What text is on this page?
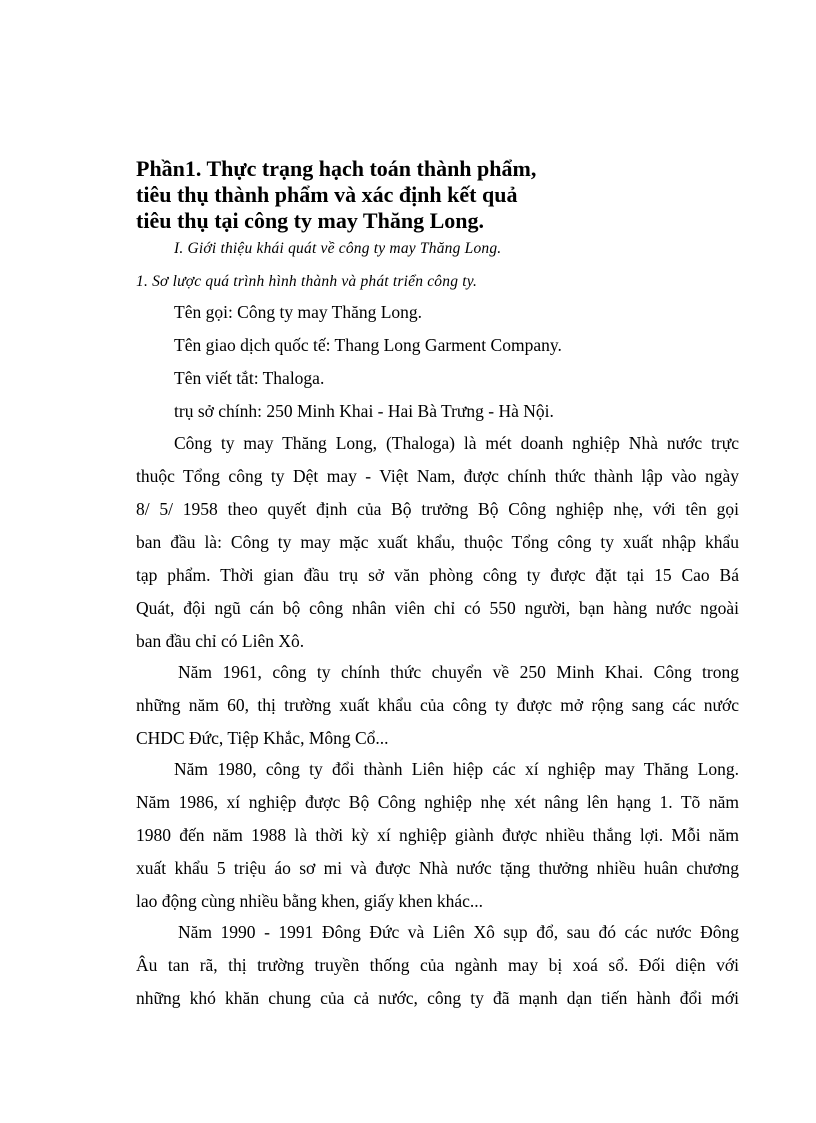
Phần1. Thực trạng hạch toán thành phẩm,
tiêu thụ thành phẩm và xác định kết quả
tiêu thụ tại công ty may Thăng Long.

I. Giới thiệu khái quát về công ty may Thăng Long.

1. Sơ lược quá trình hình thành và phát triển công ty.

Tên gọi: Công ty may Thăng Long.

Tên giao dịch quốc tế: Thang Long Garment Company.

Tên viết tắt: Thaloga.

trụ sở chính: 250 Minh Khai - Hai Bà Trưng - Hà Nội.

Công ty may Thăng Long, (Thaloga) là mét doanh nghiệp Nhà nước trực

thuộc Tổng công ty Dệt may - Việt Nam, được chính thức thành lập vào ngày

8/ 5/ 1958 theo quyết định của Bộ trưởng Bộ Công nghiệp nhẹ, với tên gọi

ban đầu là: Công ty may mặc xuất khẩu, thuộc Tổng công ty xuất nhập khẩu

tạp phẩm. Thời gian đầu trụ sở văn phòng công ty được đặt tại 15 Cao Bá

Quát, đội ngũ cán bộ công nhân viên chỉ có 550 người, bạn hàng nước ngoài

ban đầu chỉ có Liên Xô.

Năm 1961, công ty chính thức chuyển về 250 Minh Khai. Công trong

những năm 60, thị trường xuất khẩu của công ty được mở rộng sang các nước

CHDC Đức, Tiệp Khắc, Mông Cổ...

Năm 1980, công ty đổi thành Liên hiệp các xí nghiệp may Thăng Long.

Năm 1986, xí nghiệp được Bộ Công nghiệp nhẹ xét nâng lên hạng 1. Tõ năm

1980 đến năm 1988 là thời kỳ xí nghiệp giành được nhiều thắng lợi. Mỗi năm

xuất khẩu 5 triệu áo sơ mi và được Nhà nước tặng thưởng nhiều huân chương

lao động cùng nhiều bằng khen, giấy khen khác...

Năm 1990 - 1991 Đông Đức và Liên Xô sụp đổ, sau đó các nước Đông

Âu tan rã, thị trường truyền thống của ngành may bị xoá sổ. Đối diện với

những khó khăn chung của cả nước, công ty đã mạnh dạn tiến hành đổi mới
